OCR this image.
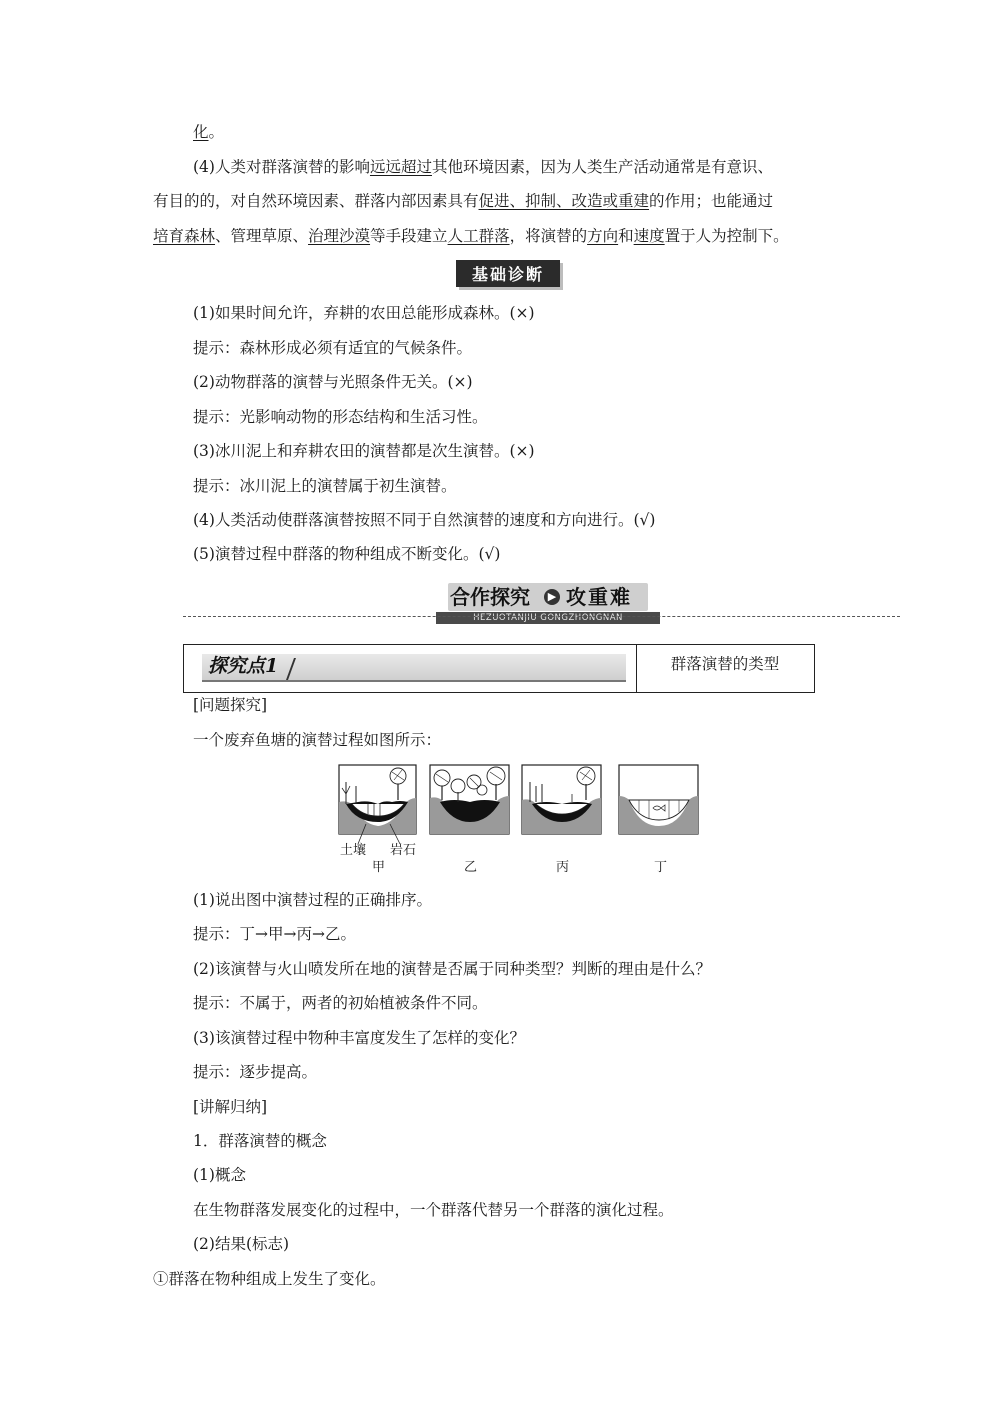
化。
(4)人类对群落演替的影响远远超过其他环境因素，因为人类生产活动通常是有意识、
有目的的，对自然环境因素、群落内部因素具有促进、抑制、改造或重建的作用；也能通过
培育森林、管理草原、治理沙漠等手段建立人工群落，将演替的方向和速度置于人为控制下。
基础诊断
(1)如果时间允许，弃耕的农田总能形成森林。(×)
提示：森林形成必须有适宜的气候条件。
(2)动物群落的演替与光照条件无关。(×)
提示：光影响动物的形态结构和生活习性。
(3)冰川泥上和弃耕农田的演替都是次生演替。(×)
提示：冰川泥上的演替属于初生演替。
(4)人类活动使群落演替按照不同于自然演替的速度和方向进行。(√)
(5)演替过程中群落的物种组成不断变化。(√)
合作探究	▶ 攻重难
HEZUOTANJIU GONGZHONGNAN
探究点1	群落演替的类型
[问题探究]
一个废弃鱼塘的演替过程如图所示：
土壤 岩石
甲	乙	丙	丁
(1)说出图中演替过程的正确排序。
提示：丁→甲→丙→乙。
(2)该演替与火山喷发所在地的演替是否属于同种类型？判断的理由是什么？
提示：不属于，两者的初始植被条件不同。
(3)该演替过程中物种丰富度发生了怎样的变化？
提示：逐步提高。
[讲解归纳]
1．群落演替的概念
(1)概念
在生物群落发展变化的过程中，一个群落代替另一个群落的演化过程。
(2)结果(标志)
①群落在物种组成上发生了变化。
